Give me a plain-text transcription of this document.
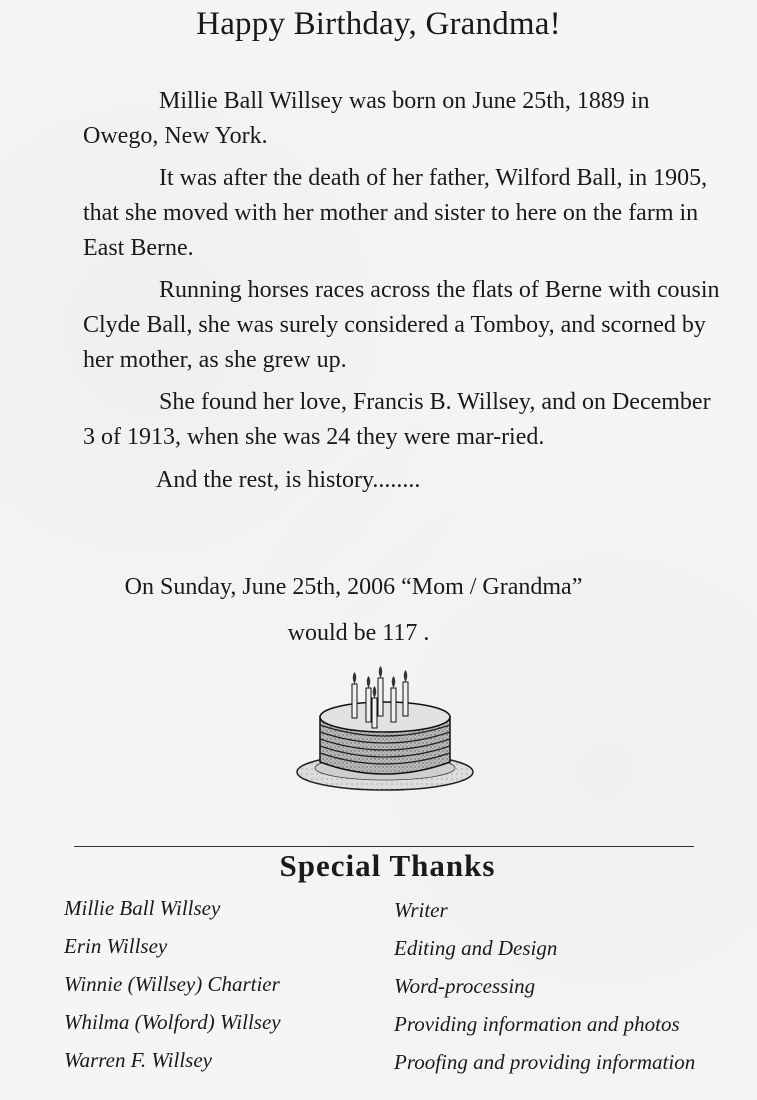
Happy Birthday, Grandma!

Millie Ball Willsey was born on June 25th, 1889 in Owego, New York.

It was after the death of her father, Wilford Ball, in 1905, that she moved with her mother and sister to here on the farm in East Berne.

Running horses races across the flats of Berne with cousin Clyde Ball, she was surely considered a Tomboy, and scorned by her mother, as she grew up.

She found her love, Francis B. Willsey, and on December 3 of 1913, when she was 24 they were mar-ried.

And the rest, is history........

On Sunday, June 25th, 2006 “Mom / Grandma”
would be 117 .
Special Thanks
Millie Ball Willsey	Writer
Erin Willsey	Editing and Design
Winnie (Willsey) Chartier	Word-processing
Whilma (Wolford) Willsey	Providing information and photos
Warren F. Willsey	Proofing and providing information
